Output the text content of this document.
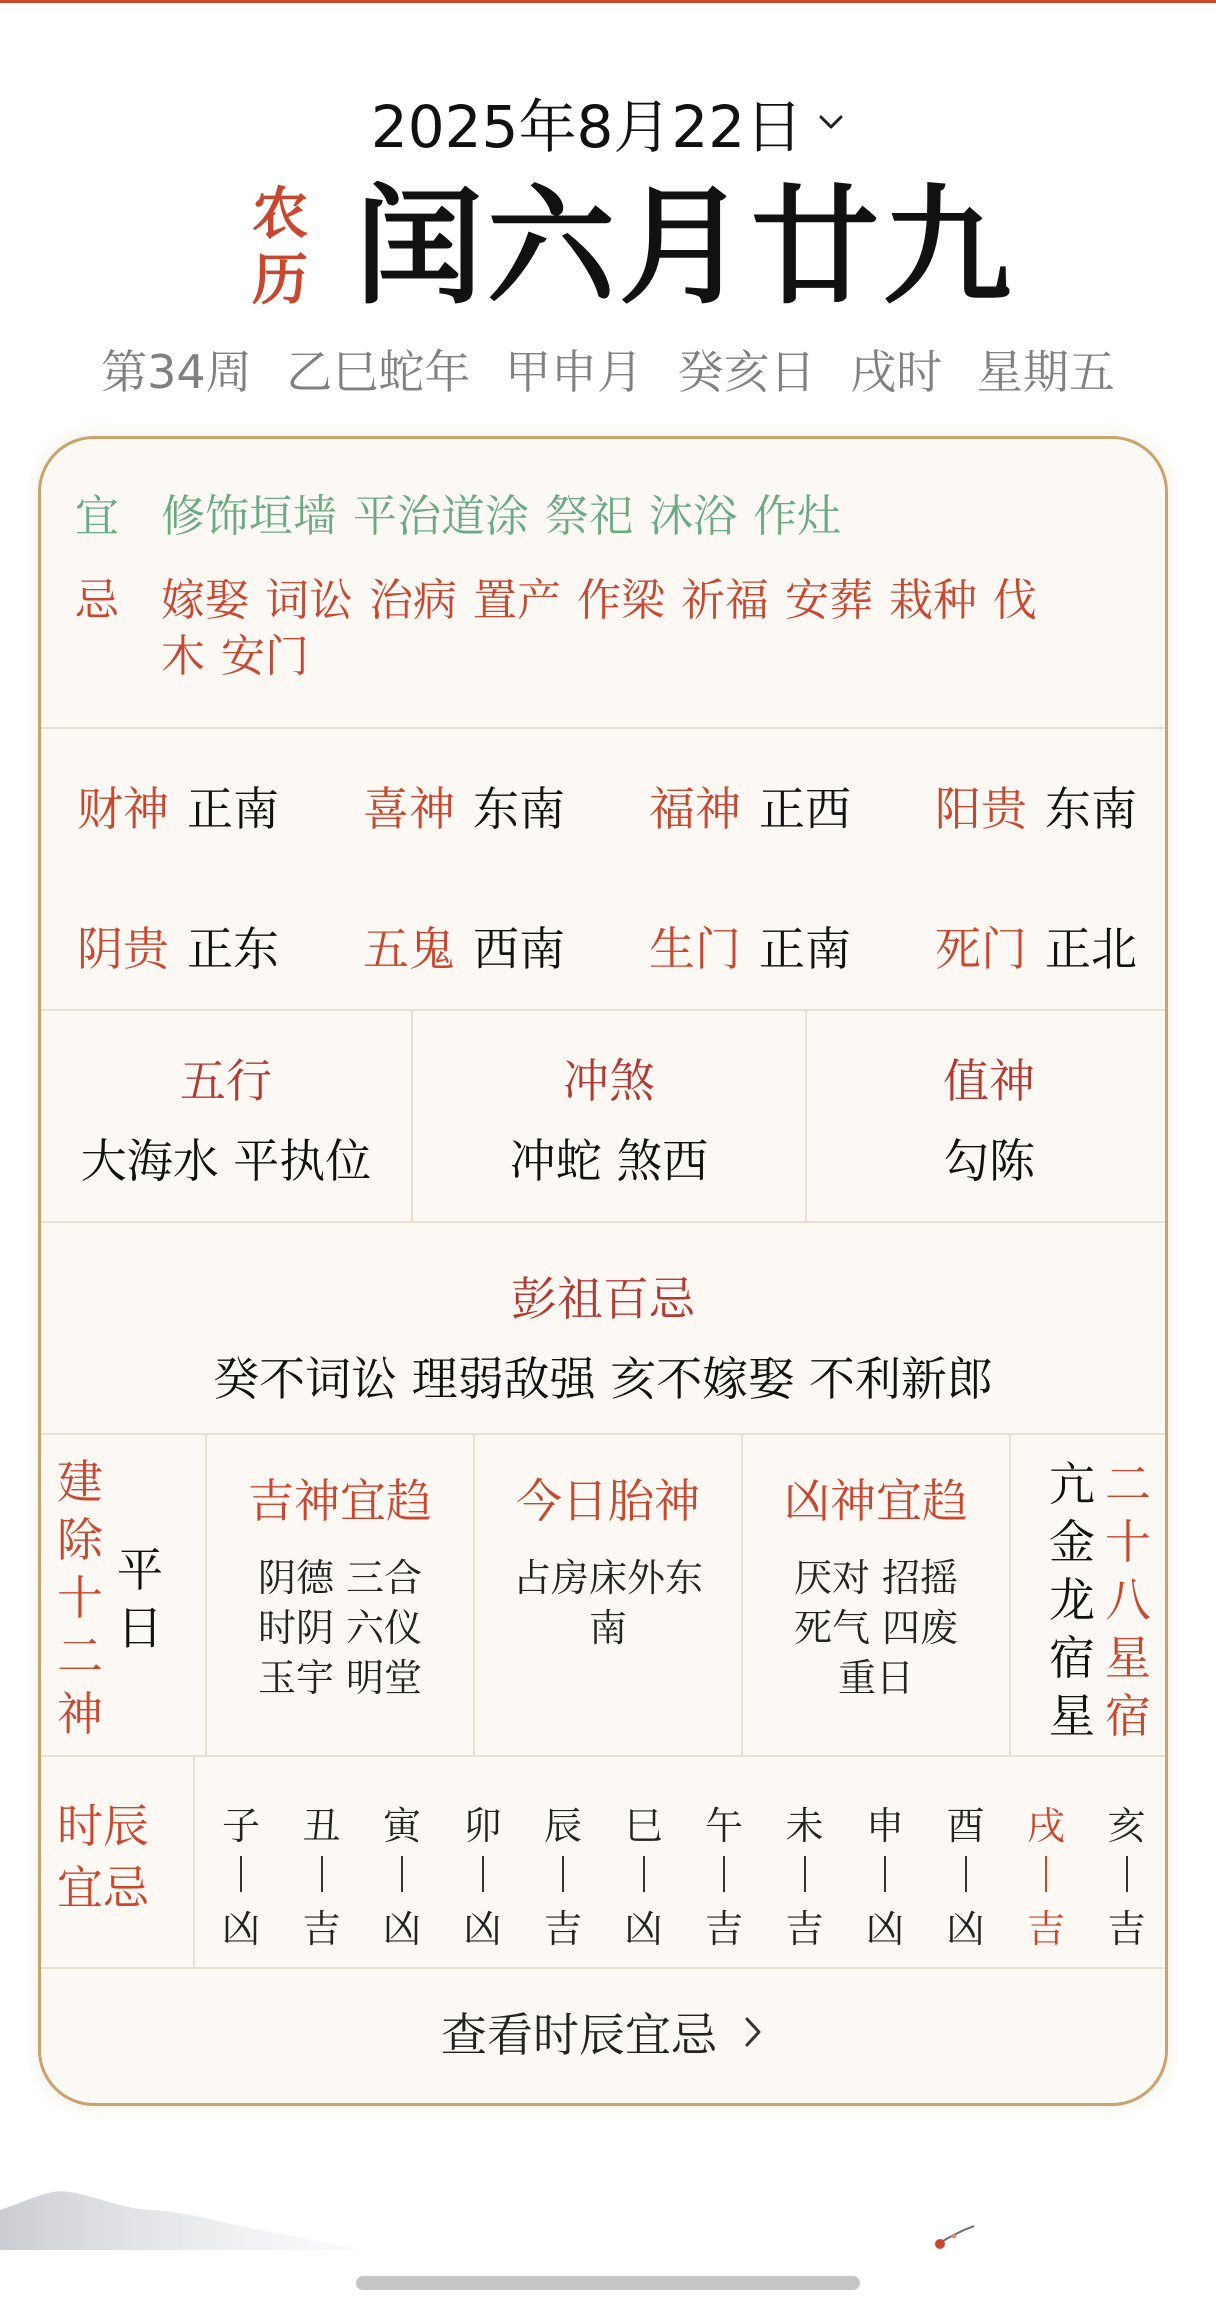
2025年8月22日
农
历 闰六月廿九
第34周 乙巳蛇年 甲申月 癸亥日 戌时 星期五
宜 修饰垣墙 平治道涂 祭祀 沐浴 作灶
忌 嫁娶 词讼 治病 置产 作梁 祈福 安葬 栽种 伐
木 安门
财神 正南 喜神 东南 福神 正西 阳贵 东南
阴贵 正东 五鬼 西南 生门 正南 死门 正北
五行
大海水 平执位
冲煞
冲蛇 煞西
值神
勾陈
彭祖百忌
癸不词讼 理弱敌强 亥不嫁娶 不利新郎
建
除
十
二
神
平
日
吉神宜趋
阴德 三合
时阴 六仪
玉宇 明堂
今日胎神
占房床外东
南
凶神宜趋
厌对 招摇
死气 四废
重日
亢
金
龙
宿
星
二
十
八
星
宿
时辰
宜忌
子
凶
丑
吉
寅
凶
卯
凶
辰
吉
巳
凶
午
吉
未
吉
申
凶
酉
凶
戌
吉
亥
吉
查看时辰宜忌
